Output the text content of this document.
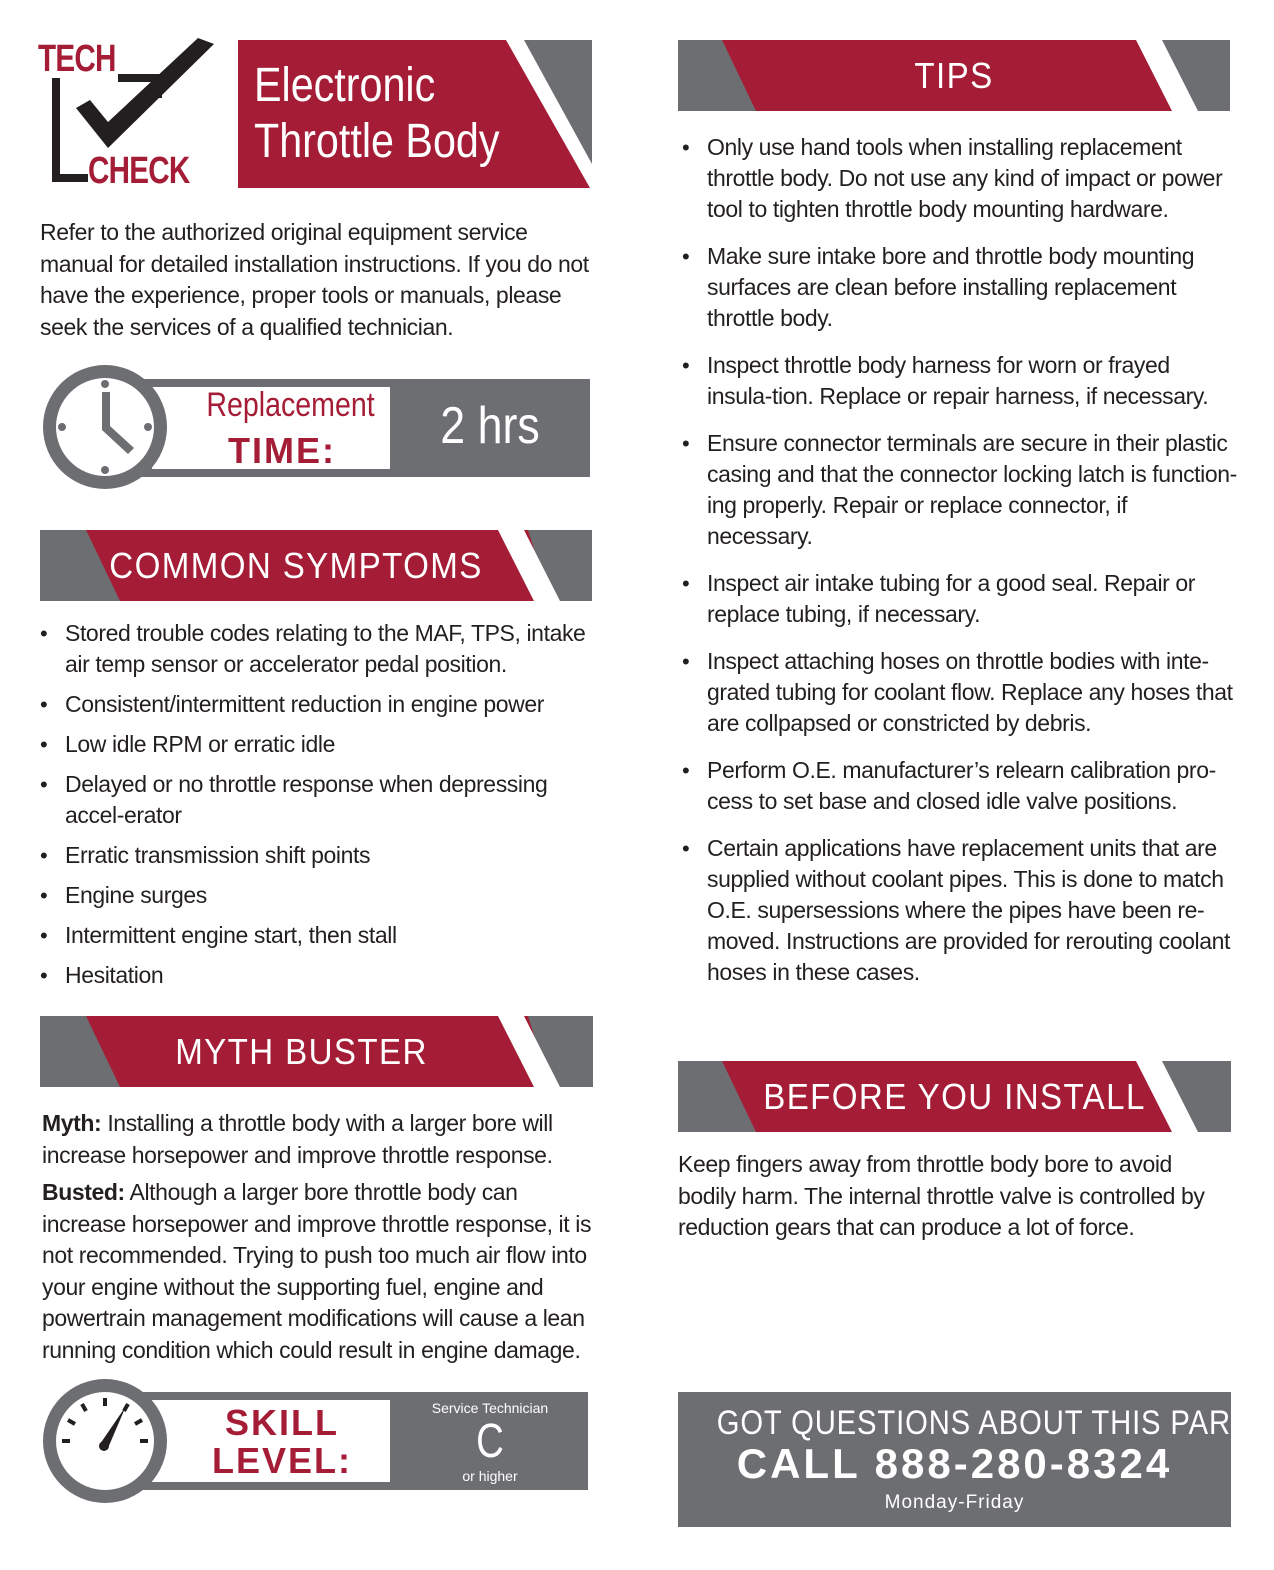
TECH
CHECK
Electronic
Throttle Body
Refer to the authorized original equipment service manual for detailed installation instructions. If you do not have the experience, proper tools or manuals, please seek the services of a qualified technician.
Replacement
TIME:	2 hrs
COMMON SYMPTOMS
• Stored trouble codes relating to the MAF, TPS, intake air temp sensor or accelerator pedal position.
• Consistent/intermittent reduction in engine power
• Low idle RPM or erratic idle
• Delayed or no throttle response when depressing accel-erator
• Erratic transmission shift points
• Engine surges
• Intermittent engine start, then stall
• Hesitation
MYTH BUSTER
Myth: Installing a throttle body with a larger bore will increase horsepower and improve throttle response.
Busted: Although a larger bore throttle body can increase horsepower and improve throttle response, it is not recommended. Trying to push too much air flow into your engine without the supporting fuel, engine and powertrain management modifications will cause a lean running condition which could result in engine damage.
SKILL
LEVEL:
Service Technician
C
or higher
TIPS
• Only use hand tools when installing replacement throttle body. Do not use any kind of impact or power tool to tighten throttle body mounting hardware.
• Make sure intake bore and throttle body mounting surfaces are clean before installing replacement throttle body.
• Inspect throttle body harness for worn or frayed insula-tion. Replace or repair harness, if necessary.
• Ensure connector terminals are secure in their plastic casing and that the connector locking latch is function-ing properly. Repair or replace connector, if necessary.
• Inspect air intake tubing for a good seal. Repair or replace tubing, if necessary.
• Inspect attaching hoses on throttle bodies with inte-grated tubing for coolant flow. Replace any hoses that are collpapsed or constricted by debris.
• Perform O.E. manufacturer’s relearn calibration pro-cess to set base and closed idle valve positions.
• Certain applications have replacement units that are supplied without coolant pipes. This is done to match O.E. supersessions where the pipes have been re-moved. Instructions are provided for rerouting coolant hoses in these cases.
BEFORE YOU INSTALL
Keep fingers away from throttle body bore to avoid bodily harm. The internal throttle valve is controlled by reduction gears that can produce a lot of force.
GOT QUESTIONS ABOUT THIS PART?
CALL 888-280-8324
Monday-Friday
